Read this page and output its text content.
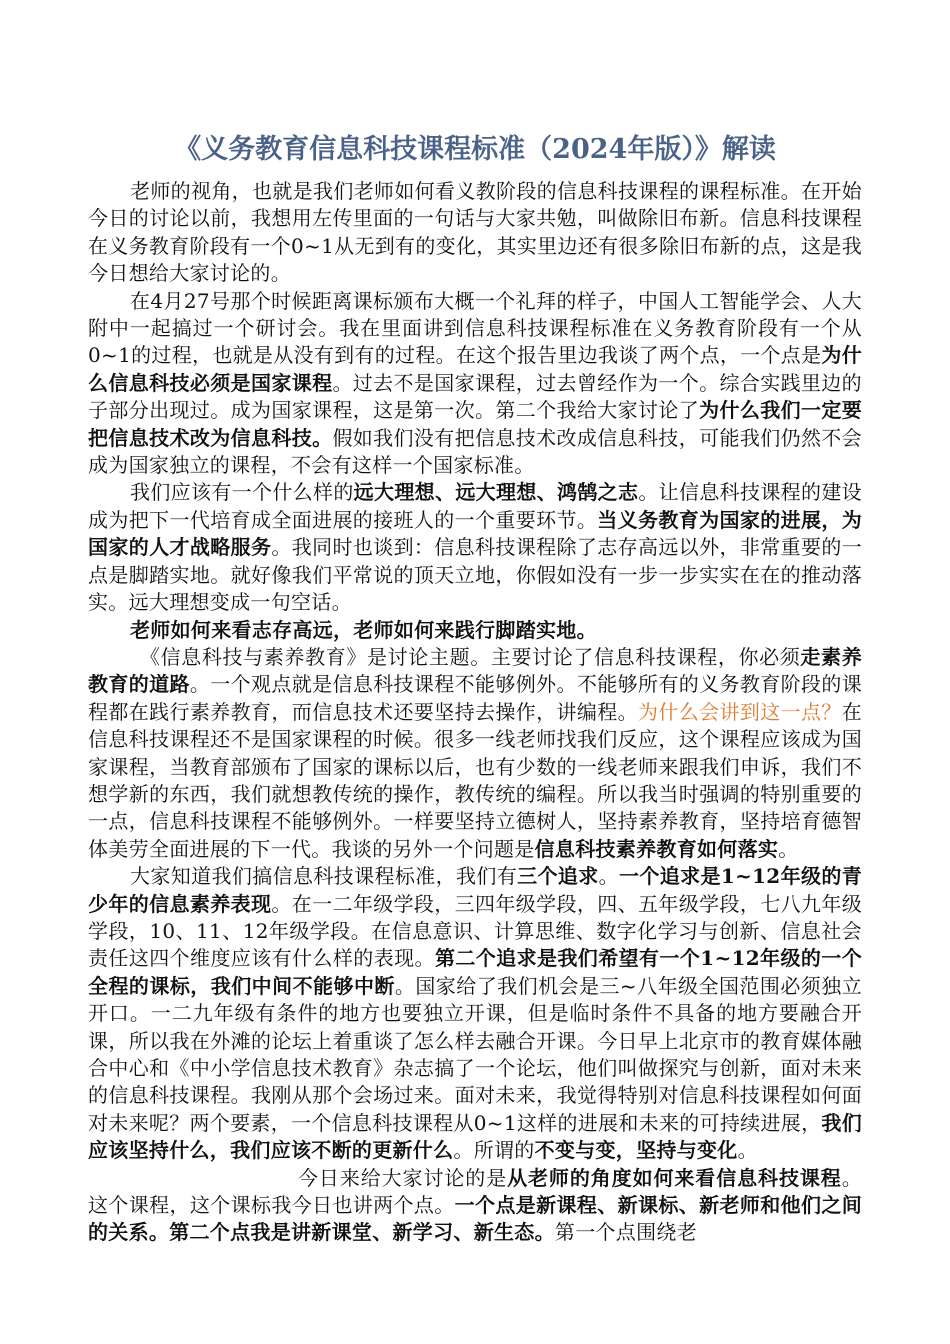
《义务教育信息科技课程标准（2024年版）》解读

老师的视角，也就是我们老师如何看义教阶段的信息科技课程的课程标准。在开始今日的讨论以前，我想用左传里面的一句话与大家共勉，叫做除旧布新。信息科技课程在义务教育阶段有一个0~1从无到有的变化，其实里边还有很多除旧布新的点，这是我今日想给大家讨论的。

在4月27号那个时候距离课标颁布大概一个礼拜的样子，中国人工智能学会、人大附中一起搞过一个研讨会。我在里面讲到信息科技课程标准在义务教育阶段有一个从0~1的过程，也就是从没有到有的过程。在这个报告里边我谈了两个点，一个点是为什么信息科技必须是国家课程。过去不是国家课程，过去曾经作为一个。综合实践里边的子部分出现过。成为国家课程，这是第一次。第二个我给大家讨论了为什么我们一定要把信息技术改为信息科技。假如我们没有把信息技术改成信息科技，可能我们仍然不会成为国家独立的课程，不会有这样一个国家标准。

我们应该有一个什么样的远大理想、远大理想、鸿鹄之志。让信息科技课程的建设成为把下一代培育成全面进展的接班人的一个重要环节。当义务教育为国家的进展，为国家的人才战略服务。我同时也谈到：信息科技课程除了志存高远以外，非常重要的一点是脚踏实地。就好像我们平常说的顶天立地，你假如没有一步一步实实在在的推动落实。远大理想变成一句空话。

老师如何来看志存高远，老师如何来践行脚踏实地。

《信息科技与素养教育》是讨论主题。主要讨论了信息科技课程，你必须走素养教育的道路。一个观点就是信息科技课程不能够例外。不能够所有的义务教育阶段的课程都在践行素养教育，而信息技术还要坚持去操作，讲编程。为什么会讲到这一点？在信息科技课程还不是国家课程的时候。很多一线老师找我们反应，这个课程应该成为国家课程，当教育部颁布了国家的课标以后，也有少数的一线老师来跟我们申诉，我们不想学新的东西，我们就想教传统的操作，教传统的编程。所以我当时强调的特别重要的一点，信息科技课程不能够例外。一样要坚持立德树人，坚持素养教育，坚持培育德智体美劳全面进展的下一代。我谈的另外一个问题是信息科技素养教育如何落实。

大家知道我们搞信息科技课程标准，我们有三个追求。一个追求是1~12年级的青少年的信息素养表现。在一二年级学段，三四年级学段，四、五年级学段，七八九年级学段，10、11、12年级学段。在信息意识、计算思维、数字化学习与创新、信息社会责任这四个维度应该有什么样的表现。第二个追求是我们希望有一个1~12年级的一个全程的课标，我们中间不能够中断。国家给了我们机会是三~八年级全国范围必须独立开口。一二九年级有条件的地方也要独立开课，但是临时条件不具备的地方要融合开课，所以我在外滩的论坛上着重谈了怎么样去融合开课。今日早上北京市的教育媒体融合中心和《中小学信息技术教育》杂志搞了一个论坛，他们叫做探究与创新，面对未来的信息科技课程。我刚从那个会场过来。面对未来，我觉得特别对信息科技课程如何面对未来呢？两个要素，一个信息科技课程从0~1这样的进展和未来的可持续进展，我们应该坚持什么，我们应该不断的更新什么。所谓的不变与变，坚持与变化。

今日来给大家讨论的是从老师的角度如何来看信息科技课程。这个课程，这个课标我今日也讲两个点。一个点是新课程、新课标、新老师和他们之间的关系。第二个点我是讲新课堂、新学习、新生态。第一个点围绕老
